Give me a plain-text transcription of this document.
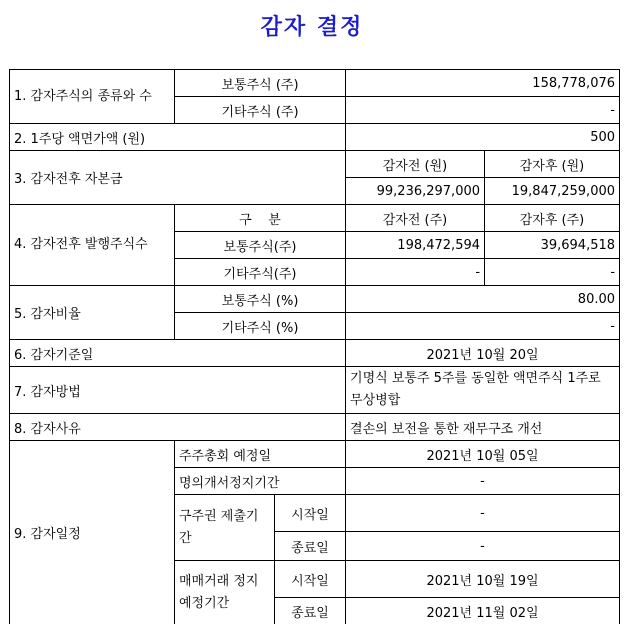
감자 결정
1. 감자주식의 종류와 수	보통주식 (주)		158,778,076	
	기타주식 (주)		-	
2. 1주당 액면가액 (원)			500	
3. 감자전후 자본금			감자전 (원)	감자후 (원)
			99,236,297,000	19,847,259,000
4. 감자전후 발행주식수	구    분		감자전 (주)	감자후 (주)
	보통주식(주)		198,472,594	39,694,518
	기타주식(주)		-	-
5. 감자비율	보통주식 (%)		80.00	
	기타주식 (%)		-	
6. 감자기준일			2021년 10월 20일	
7. 감자방법			기명식 보통주 5주를 동일한 액면주식 1주로 무상병합	
8. 감자사유			결손의 보전을 통한 재무구조 개선	
9. 감자일정	주주총회 예정일		2021년 10월 05일	
	명의개서정지기간		-	
	구주권 제출기간	시작일	-	
		종료일	-	
	매매거래 정지예정기간	시작일	2021년 10월 19일	
		종료일	2021년 11월 02일	
